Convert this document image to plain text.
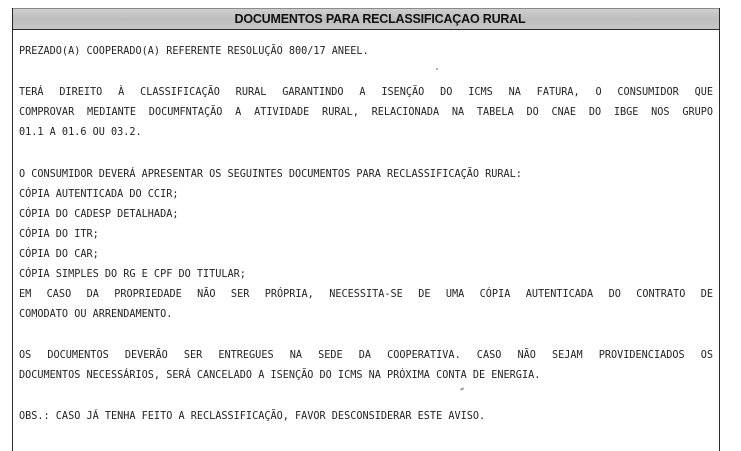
DOCUMENTOS PARA RECLASSIFICAÇAO RURAL
PREZADO(A) COOPERADO(A) REFERENTE RESOLUÇÃO 800/17 ANEEL.
TERÁ DIREITO À CLASSIFICAÇÃO RURAL GARANTINDO A ISENÇÃO DO ICMS NA FATURA, O CONSUMIDOR QUE
COMPROVAR MEDIANTE DOCUMFNTAÇÃO A ATIVIDADE RURAL, RELACIONADA NA TABELA DO CNAE DO IBGE NOS GRUPO
01.1 A 01.6 OU 03.2.
O CONSUMIDOR DEVERÁ APRESENTAR OS SEGUINTES DOCUMENTOS PARA RECLASSIFICAÇÃO RURAL:
CÓPIA AUTENTICADA DO CCIR;
CÓPIA DO CADESP DETALHADA;
CÓPIA DO ITR;
CÓPIA DO CAR;
CÓPIA SIMPLES DO RG E CPF DO TITULAR;
EM CASO DA PROPRIEDADE NÃO SER PRÓPRIA, NECESSITA-SE DE UMA CÓPIA AUTENTICADA DO CONTRATO DE
COMODATO OU ARRENDAMENTO.
OS DOCUMENTOS DEVERÃO SER ENTREGUES NA SEDE DA COOPERATIVA. CASO NÃO SEJAM PROVIDENCIADOS OS
DOCUMENTOS NECESSÁRIOS, SERÁ CANCELADO A ISENÇÃO DO ICMS NA PRÓXIMA CONTA DE ENERGIA.
OBS.: CASO JÁ TENHA FEITO A RECLASSIFICAÇÃO, FAVOR DESCONSIDERAR ESTE AVISO.
